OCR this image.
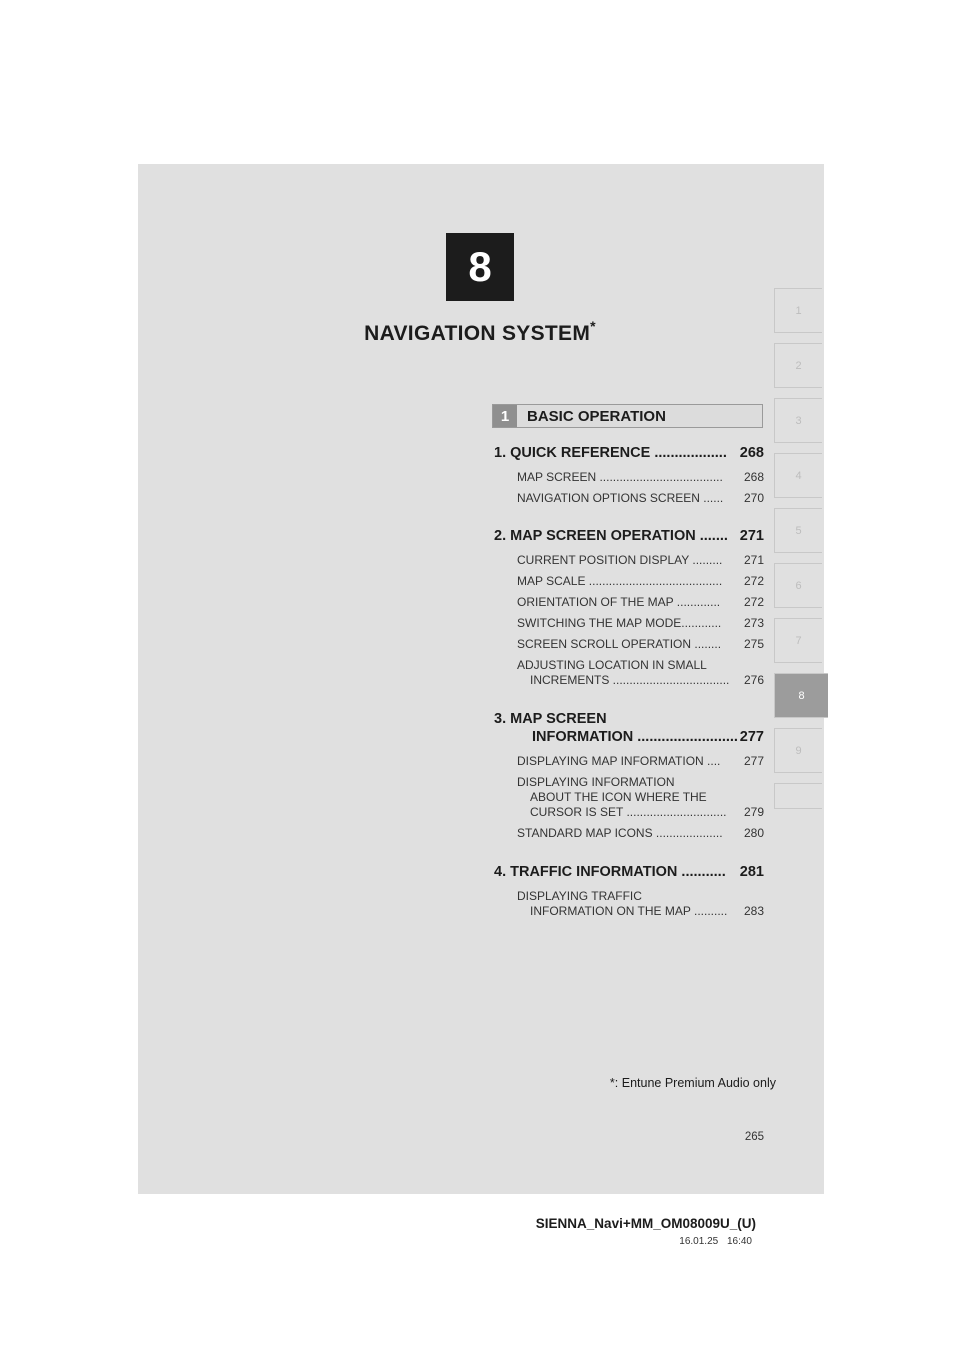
8
NAVIGATION SYSTEM*
1
2
3
4
5
6
7
8
9
1	BASIC OPERATION
1. QUICK REFERENCE .................. 268
MAP SCREEN .....................................	268
NAVIGATION OPTIONS SCREEN ......	270
2. MAP SCREEN OPERATION ....... 271
CURRENT POSITION DISPLAY .........	271
MAP SCALE ........................................	272
ORIENTATION OF THE MAP .............	272
SWITCHING THE MAP MODE............	273
SCREEN SCROLL OPERATION ........	275
ADJUSTING LOCATION IN SMALL
INCREMENTS ...................................	276
3. MAP SCREEN
INFORMATION ......................... 277
DISPLAYING MAP INFORMATION ....	277
DISPLAYING INFORMATION
ABOUT THE ICON WHERE THE
CURSOR IS SET ..............................	279
STANDARD MAP ICONS ....................	280
4. TRAFFIC INFORMATION ........... 281
DISPLAYING TRAFFIC
INFORMATION ON THE MAP ..........	283
*: Entune Premium Audio only
265
SIENNA_Navi+MM_OM08009U_(U)
16.01.25 16:40
